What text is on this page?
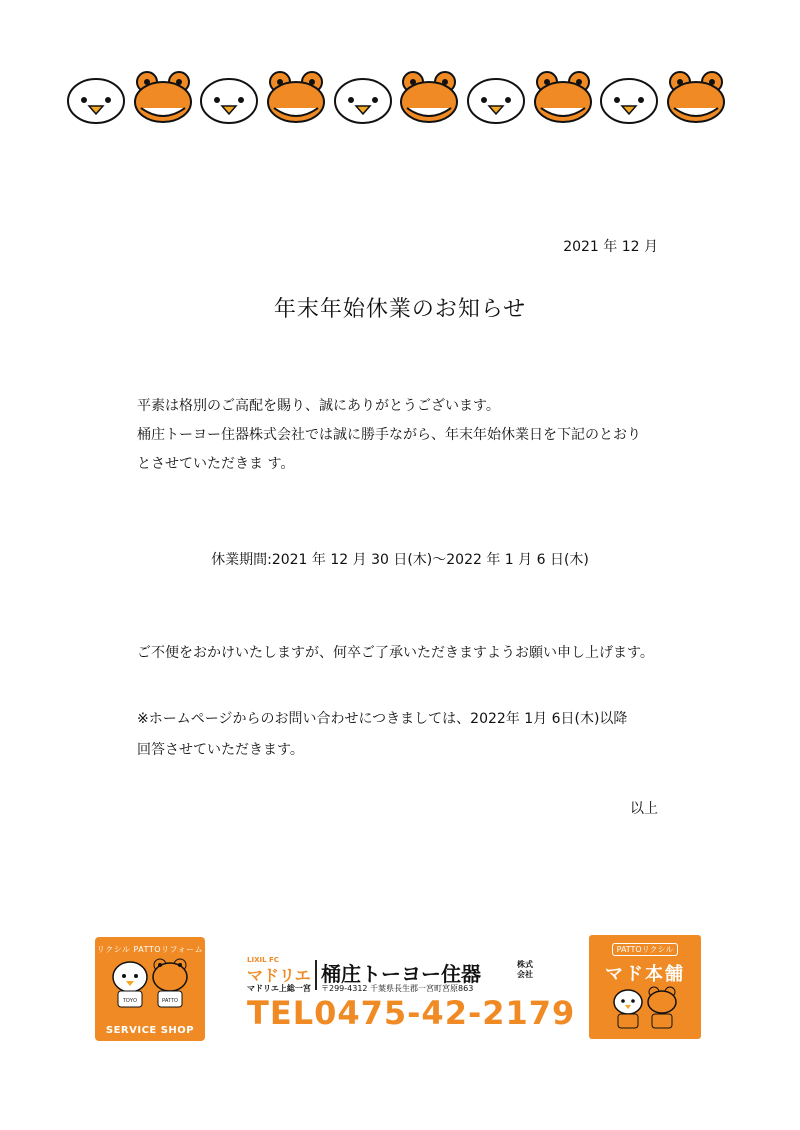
2021 年 12 月
年末年始休業のお知らせ

平素は格別のご高配を賜り、誠にありがとうございます。

桶庄トーヨー住器株式会社では誠に勝手ながら、年末年始休業日を下記のとおり

とさせていただきま す。

休業期間:2021 年 12 月 30 日(木)〜2022 年 1 月 6 日(木)
ご不便をおかけいたしますが、何卒ご了承いただきますようお願い申し上げます。

※ホームページからのお問い合わせにつきましては、2022年 1月 6日(木)以降

回答させていただきます。

以上
リクシル PATTOリフォーム
TOYO	PATTO
SERVICE SHOP
LIXIL FC
マドリエ
マドリエ上総一宮
桶庄トーヨー住器	株式会社
〒299-4312 千葉県長生郡一宮町宮原863
TEL0475-42-2179
PATTOリクシル
マド本舗
